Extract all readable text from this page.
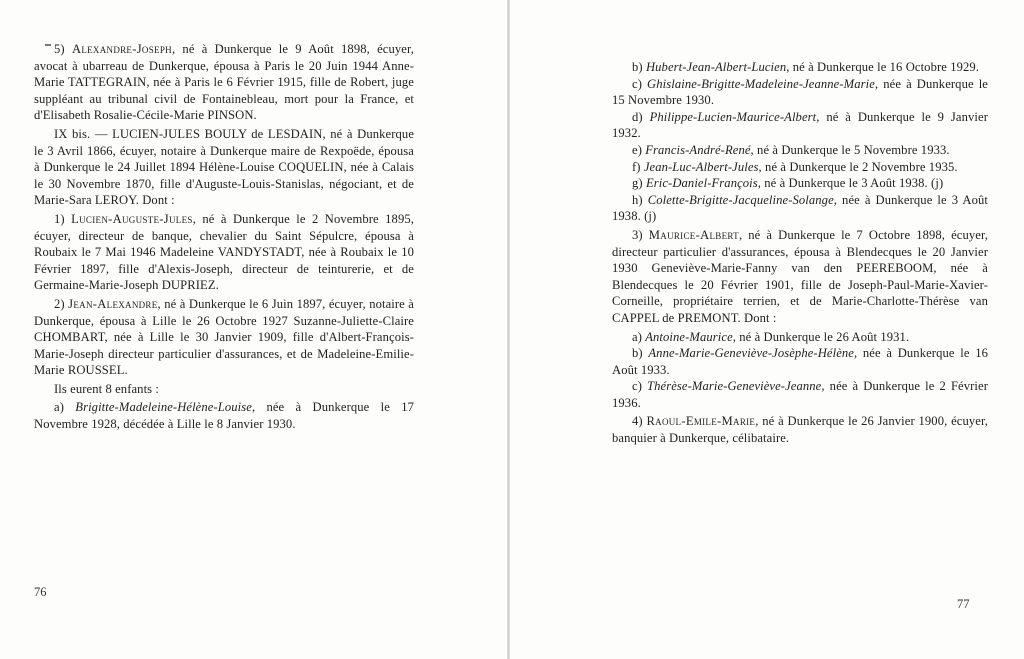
5) Alexandre-Joseph, né à Dunkerque le 9 Août 1898, écuyer, avocat à ubarreau de Dunkerque, épousa à Paris le 20 Juin 1944 Anne-Marie TATTEGRAIN, née à Paris le 6 Février 1915, fille de Robert, juge suppléant au tribunal civil de Fontainebleau, mort pour la France, et d'Elisabeth Rosalie-Cécile-Marie PINSON.

IX bis. — LUCIEN-JULES BOULY de LESDAIN, né à Dunkerque le 3 Avril 1866, écuyer, notaire à Dunkerque maire de Rexpoëde, épousa à Dunkerque le 24 Juillet 1894 Hélène-Louise COQUELIN, née à Calais le 30 Novembre 1870, fille d'Auguste-Louis-Stanislas, négociant, et de Marie-Sara LEROY. Dont :

1) Lucien-Auguste-Jules, né à Dunkerque le 2 Novembre 1895, écuyer, directeur de banque, chevalier du Saint Sépulcre, épousa à Roubaix le 7 Mai 1946 Madeleine VANDYSTADT, née à Roubaix le 10 Février 1897, fille d'Alexis-Joseph, directeur de teinturerie, et de Germaine-Marie-Joseph DUPRIEZ.

2) Jean-Alexandre, né à Dunkerque le 6 Juin 1897, écuyer, notaire à Dunkerque, épousa à Lille le 26 Octobre 1927 Suzanne-Juliette-Claire CHOMBART, née à Lille le 30 Janvier 1909, fille d'Albert-François-Marie-Joseph directeur particulier d'assurances, et de Madeleine-Emilie-Marie ROUSSEL.

Ils eurent 8 enfants :

a) Brigitte-Madeleine-Hélène-Louise, née à Dunkerque le 17 Novembre 1928, décédée à Lille le 8 Janvier 1930.

76

b) Hubert-Jean-Albert-Lucien, né à Dunkerque le 16 Octobre 1929.

c) Ghislaine-Brigitte-Madeleine-Jeanne-Marie, née à Dunkerque le 15 Novembre 1930.

d) Philippe-Lucien-Maurice-Albert, né à Dunkerque le 9 Janvier 1932.

e) Francis-André-René, né à Dunkerque le 5 Novembre 1933.

f) Jean-Luc-Albert-Jules, né à Dunkerque le 2 Novembre 1935.

g) Eric-Daniel-François, né à Dunkerque le 3 Août 1938. (j)

h) Colette-Brigitte-Jacqueline-Solange, née à Dunkerque le 3 Août 1938. (j)

3) Maurice-Albert, né à Dunkerque le 7 Octobre 1898, écuyer, directeur particulier d'assurances, épousa à Blendecques le 20 Janvier 1930 Geneviève-Marie-Fanny van den PEEREBOOM, née à Blendecques le 20 Février 1901, fille de Joseph-Paul-Marie-Xavier-Corneille, propriétaire terrien, et de Marie-Charlotte-Thérèse van CAPPEL de PREMONT. Dont :

a) Antoine-Maurice, né à Dunkerque le 26 Août 1931.

b) Anne-Marie-Geneviève-Josèphe-Hélène, née à Dunkerque le 16 Août 1933.

c) Thérèse-Marie-Geneviève-Jeanne, née à Dunkerque le 2 Février 1936.

4) Raoul-Emile-Marie, né à Dunkerque le 26 Janvier 1900, écuyer, banquier à Dunkerque, célibataire.

77
